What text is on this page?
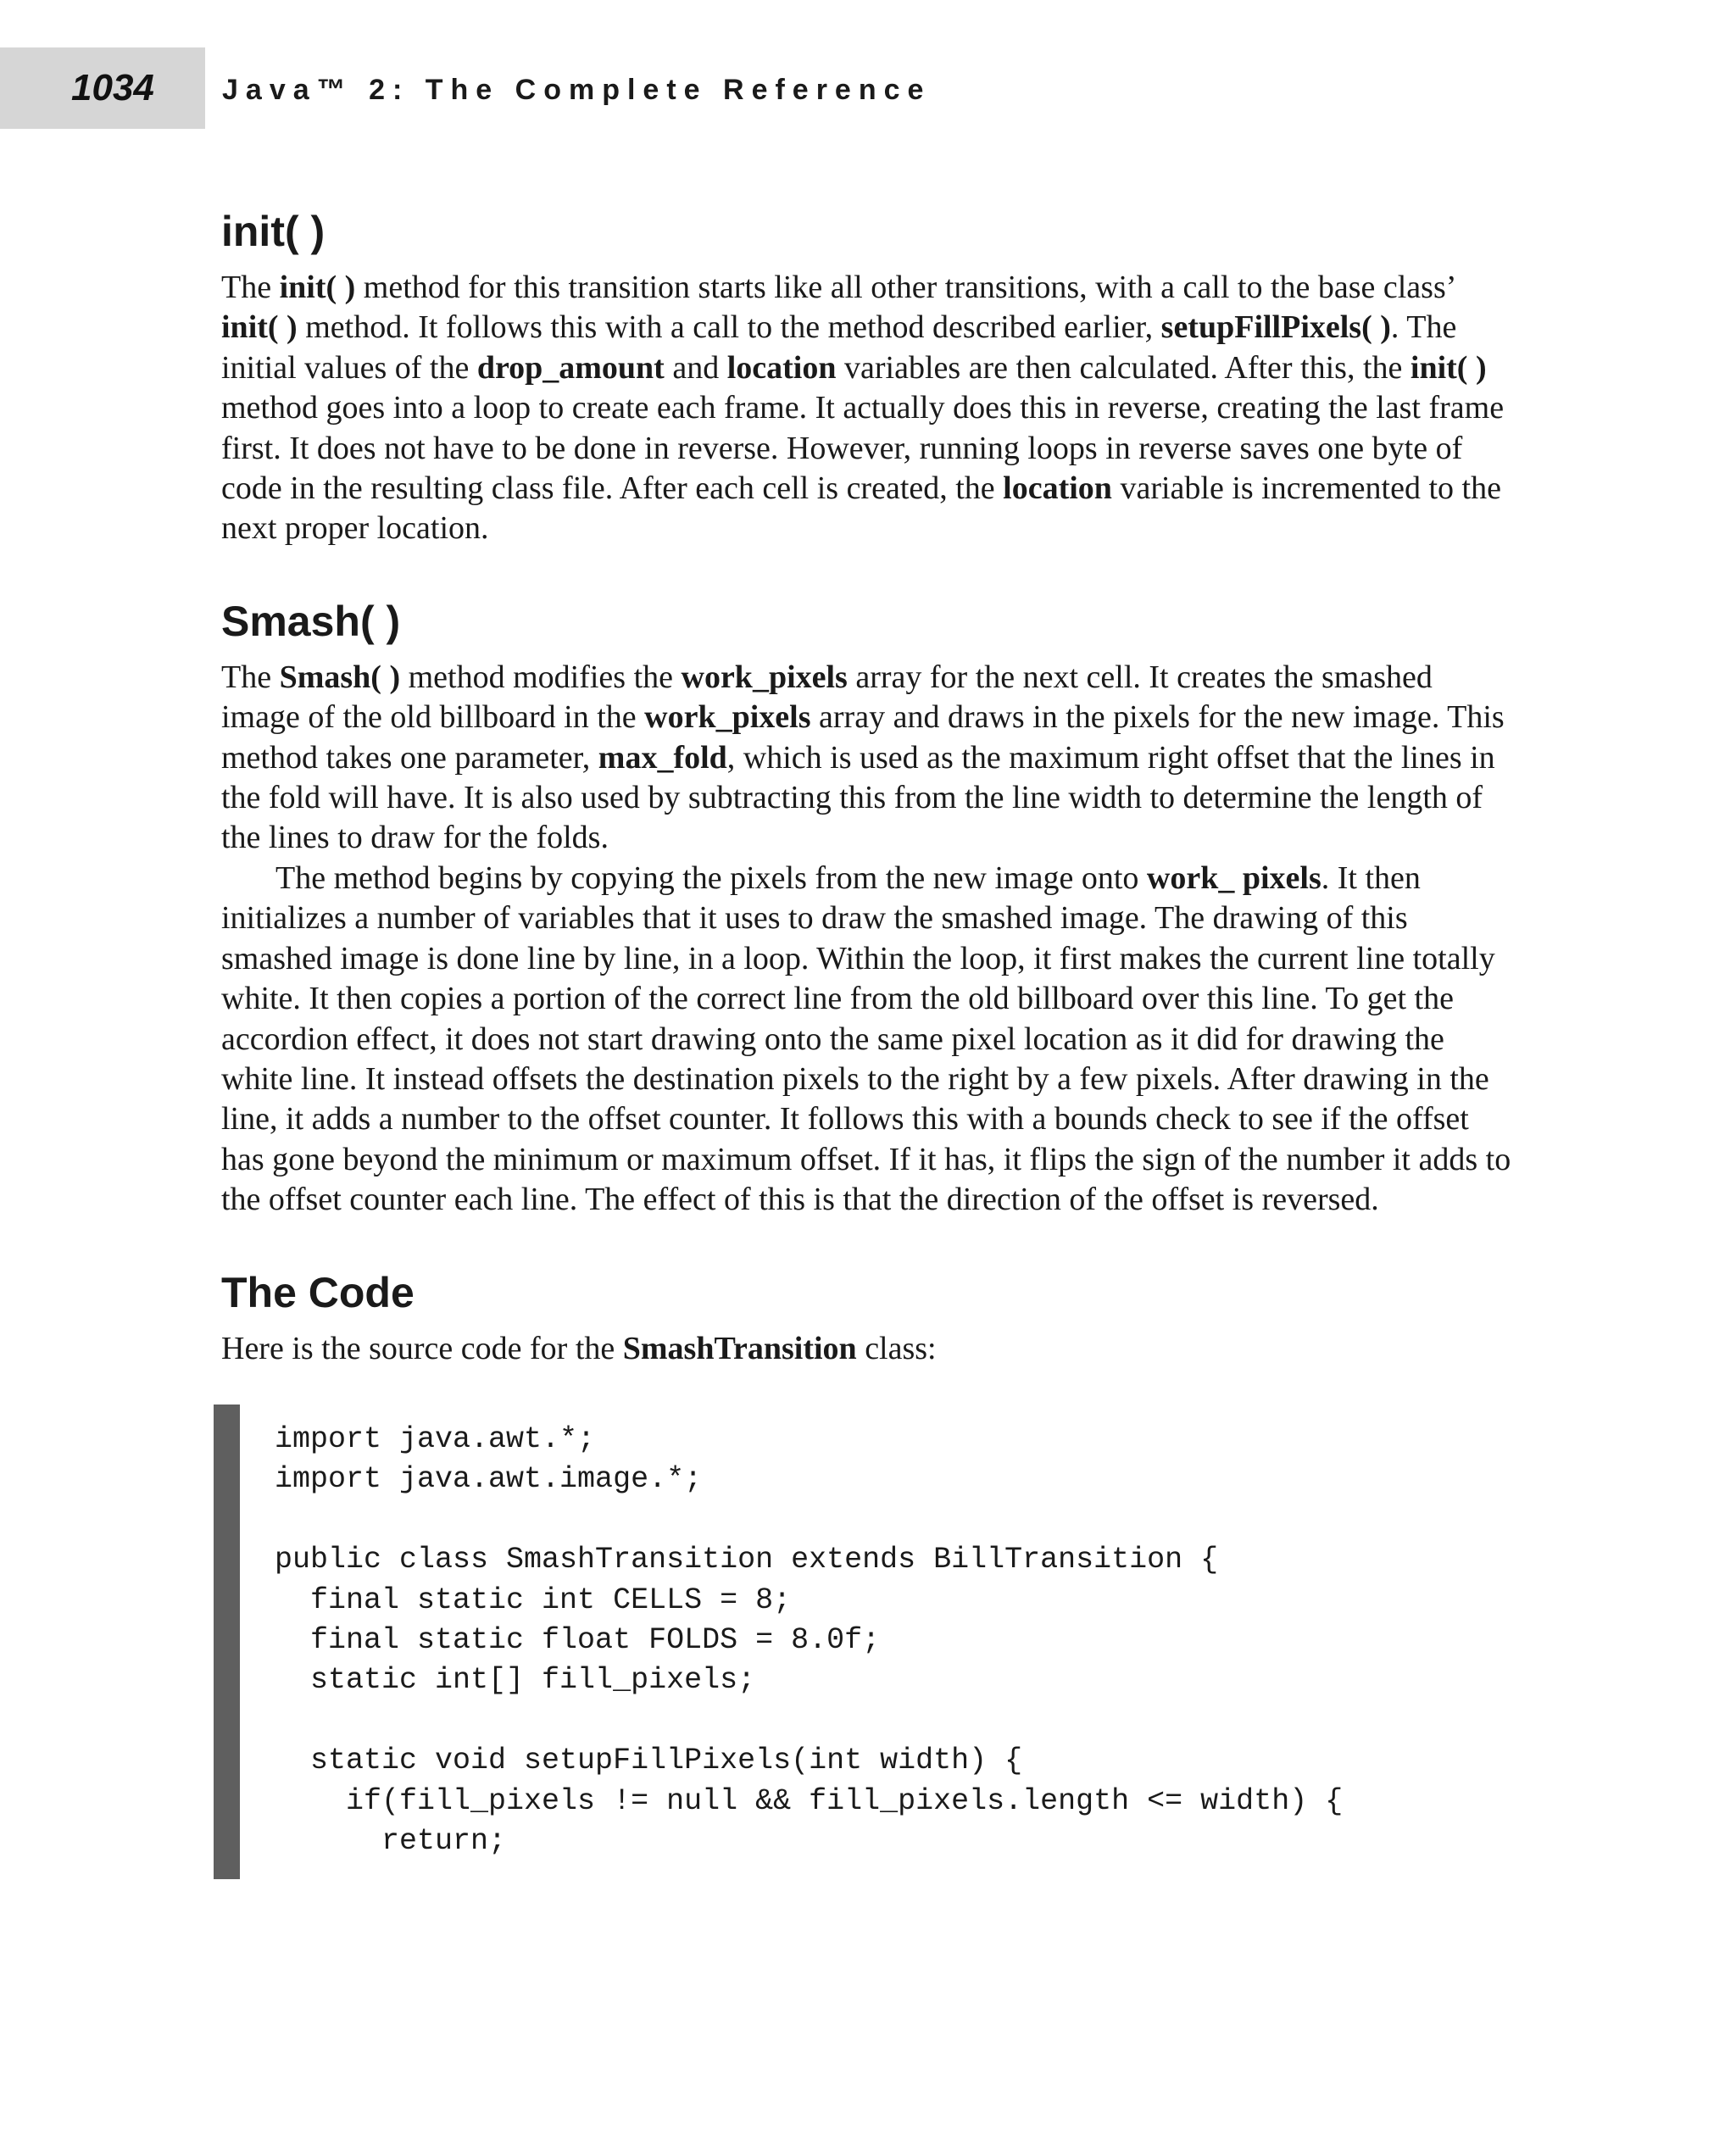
1034 Java™ 2: The Complete Reference
init( )

The init( ) method for this transition starts like all other transitions, with a call to the base class’ init( ) method. It follows this with a call to the method described earlier, setupFillPixels( ). The initial values of the drop_amount and location variables are then calculated. After this, the init( ) method goes into a loop to create each frame. It actually does this in reverse, creating the last frame first. It does not have to be done in reverse. However, running loops in reverse saves one byte of code in the resulting class file. After each cell is created, the location variable is incremented to the next proper location.

Smash( )

The Smash( ) method modifies the work_pixels array for the next cell. It creates the smashed image of the old billboard in the work_pixels array and draws in the pixels for the new image. This method takes one parameter, max_fold, which is used as the maximum right offset that the lines in the fold will have. It is also used by subtracting this from the line width to determine the length of the lines to draw for the folds.

The method begins by copying the pixels from the new image onto work_ pixels. It then initializes a number of variables that it uses to draw the smashed image. The drawing of this smashed image is done line by line, in a loop. Within the loop, it first makes the current line totally white. It then copies a portion of the correct line from the old billboard over this line. To get the accordion effect, it does not start drawing onto the same pixel location as it did for drawing the white line. It instead offsets the destination pixels to the right by a few pixels. After drawing in the line, it adds a number to the offset counter. It follows this with a bounds check to see if the offset has gone beyond the minimum or maximum offset. If it has, it flips the sign of the number it adds to the offset counter each line. The effect of this is that the direction of the offset is reversed.

The Code

Here is the source code for the SmashTransition class:

import java.awt.*;
import java.awt.image.*;

public class SmashTransition extends BillTransition {
final static int CELLS = 8;
final static float FOLDS = 8.0f;
static int[] fill_pixels;

static void setupFillPixels(int width) {
if(fill_pixels != null && fill_pixels.length <= width) {
return;
